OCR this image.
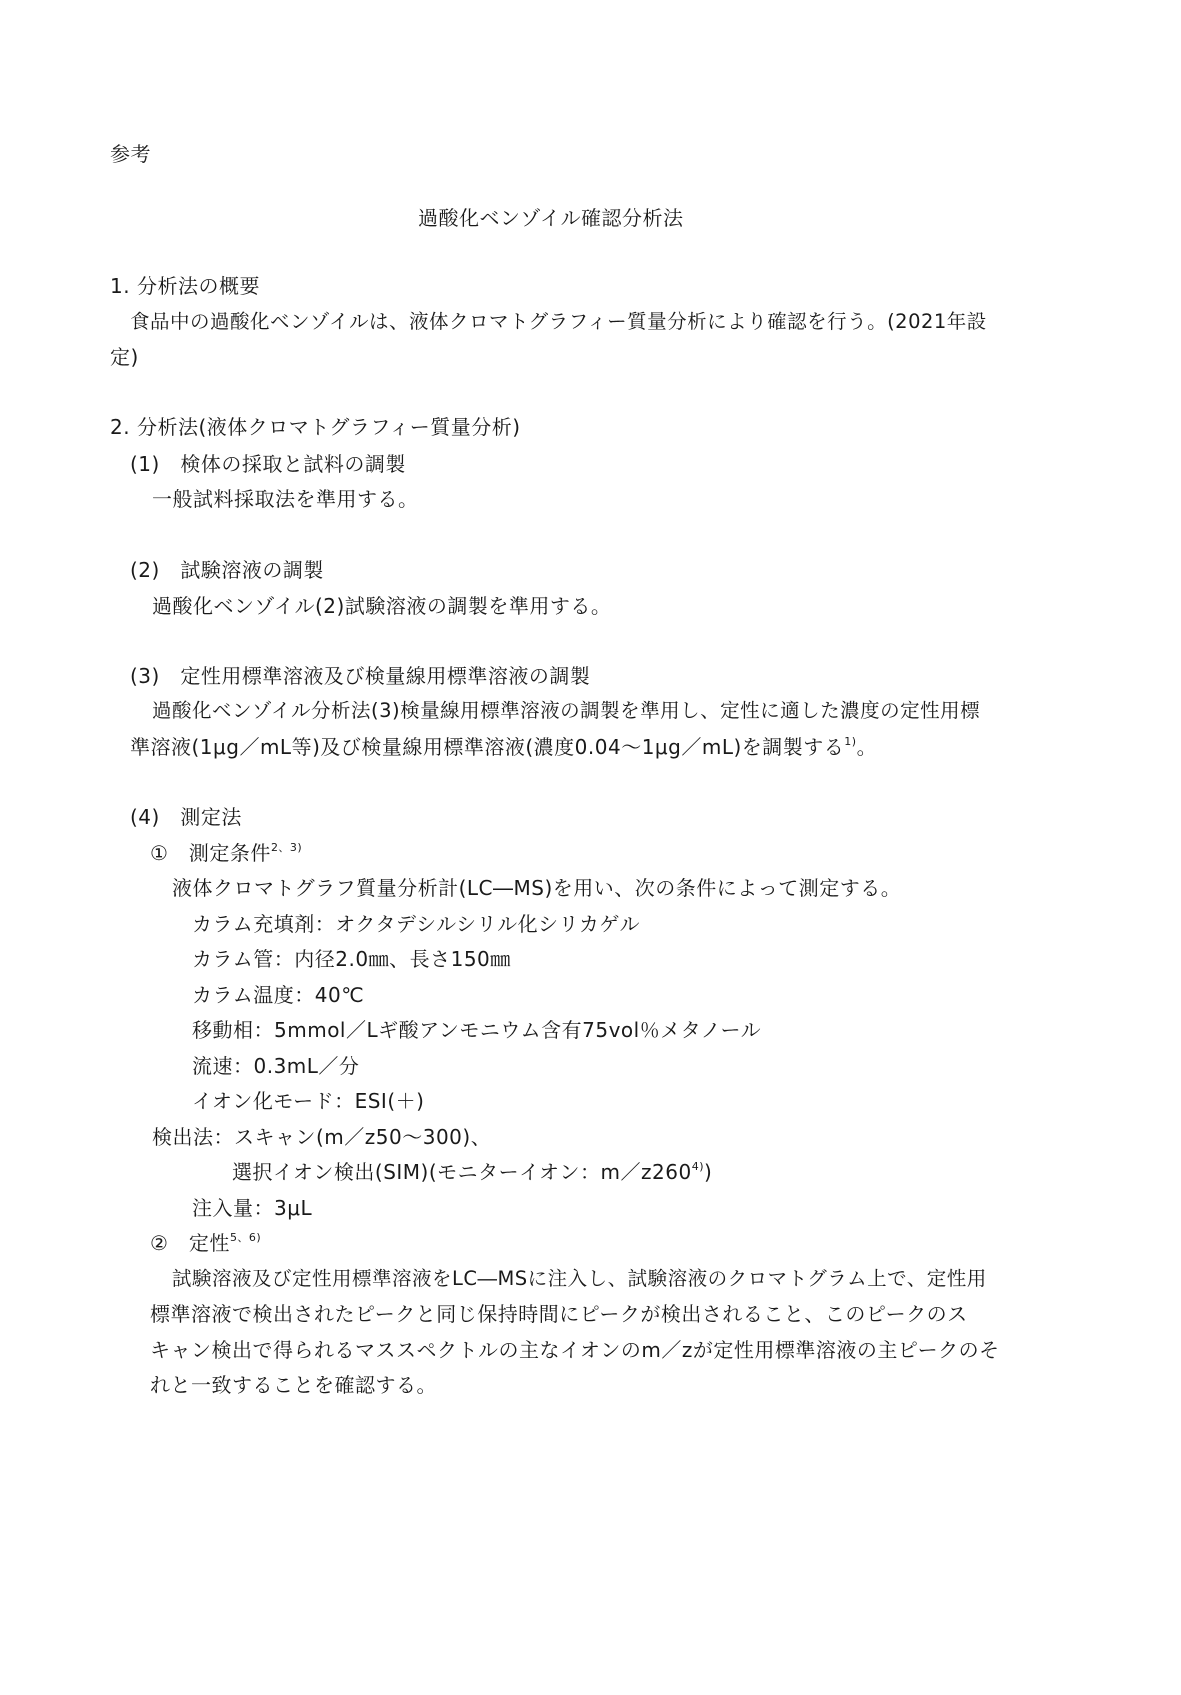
参考

過酸化ベンゾイル確認分析法

1. 分析法の概要

食品中の過酸化ベンゾイルは、液体クロマトグラフィー質量分析により確認を行う。(2021年設

定)

2. 分析法(液体クロマトグラフィー質量分析)

(1)　検体の採取と試料の調製

一般試料採取法を準用する。

(2)　試験溶液の調製

過酸化ベンゾイル(2)試験溶液の調製を準用する。

(3)　定性用標準溶液及び検量線用標準溶液の調製

過酸化ベンゾイル分析法(3)検量線用標準溶液の調製を準用し、定性に適した濃度の定性用標

準溶液(1μg／mL等)及び検量線用標準溶液(濃度0.04～1μg／mL)を調製する$^{1)}$。

(4)　測定法

①　測定条件$^{2、3)}$

液体クロマトグラフ質量分析計(LC―MS)を用い、次の条件によって測定する。

カラム充填剤：オクタデシルシリル化シリカゲル

カラム管：内径2.0㎜、長さ150㎜

カラム温度：40℃

移動相：5mmol／Lギ酸アンモニウム含有75vol％メタノール

流速：0.3mL／分

イオン化モード：ESI(＋)

検出法：スキャン(m／z50～300)、

選択イオン検出(SIM)(モニターイオン：m／z260$^{4)}$)

注入量：3μL

②　定性$^{5、6)}$

試験溶液及び定性用標準溶液をLC―MSに注入し、試験溶液のクロマトグラム上で、定性用

標準溶液で検出されたピークと同じ保持時間にピークが検出されること、このピークのス

キャン検出で得られるマススペクトルの主なイオンのm／zが定性用標準溶液の主ピークのそ

れと一致することを確認する。
